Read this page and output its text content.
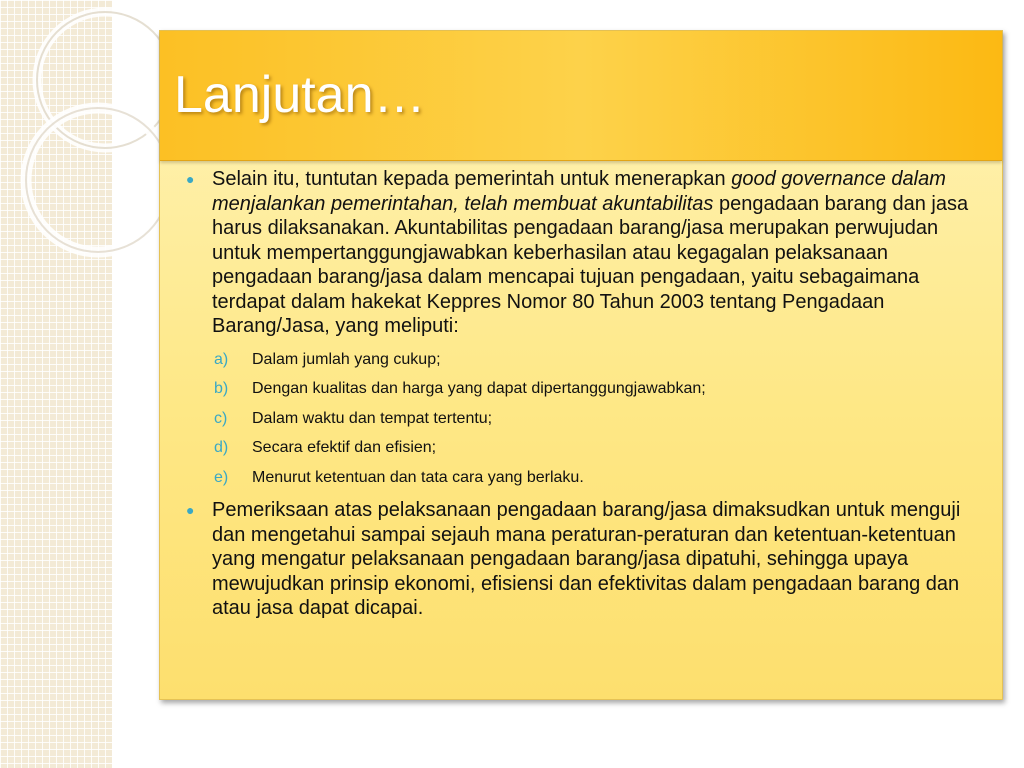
Lanjutan…

● Selain itu, tuntutan kepada pemerintah untuk menerapkan good governance dalam menjalankan pemerintahan, telah membuat akuntabilitas pengadaan barang dan jasa harus dilaksanakan. Akuntabilitas pengadaan barang/jasa merupakan perwujudan untuk mempertanggungjawabkan keberhasilan atau kegagalan pelaksanaan pengadaan barang/jasa dalam mencapai tujuan pengadaan, yaitu sebagaimana terdapat dalam hakekat Keppres Nomor 80 Tahun 2003 tentang Pengadaan Barang/Jasa, yang meliputi:

a) Dalam jumlah yang cukup;
b) Dengan kualitas dan harga yang dapat dipertanggungjawabkan;
c) Dalam waktu dan tempat tertentu;
d) Secara efektif dan efisien;
e) Menurut ketentuan dan tata cara yang berlaku.

● Pemeriksaan atas pelaksanaan pengadaan barang/jasa dimaksudkan untuk menguji dan mengetahui sampai sejauh mana peraturan-peraturan dan ketentuan-ketentuan yang mengatur pelaksanaan pengadaan barang/jasa dipatuhi, sehingga upaya mewujudkan prinsip ekonomi, efisiensi dan efektivitas dalam pengadaan barang dan atau jasa dapat dicapai.
